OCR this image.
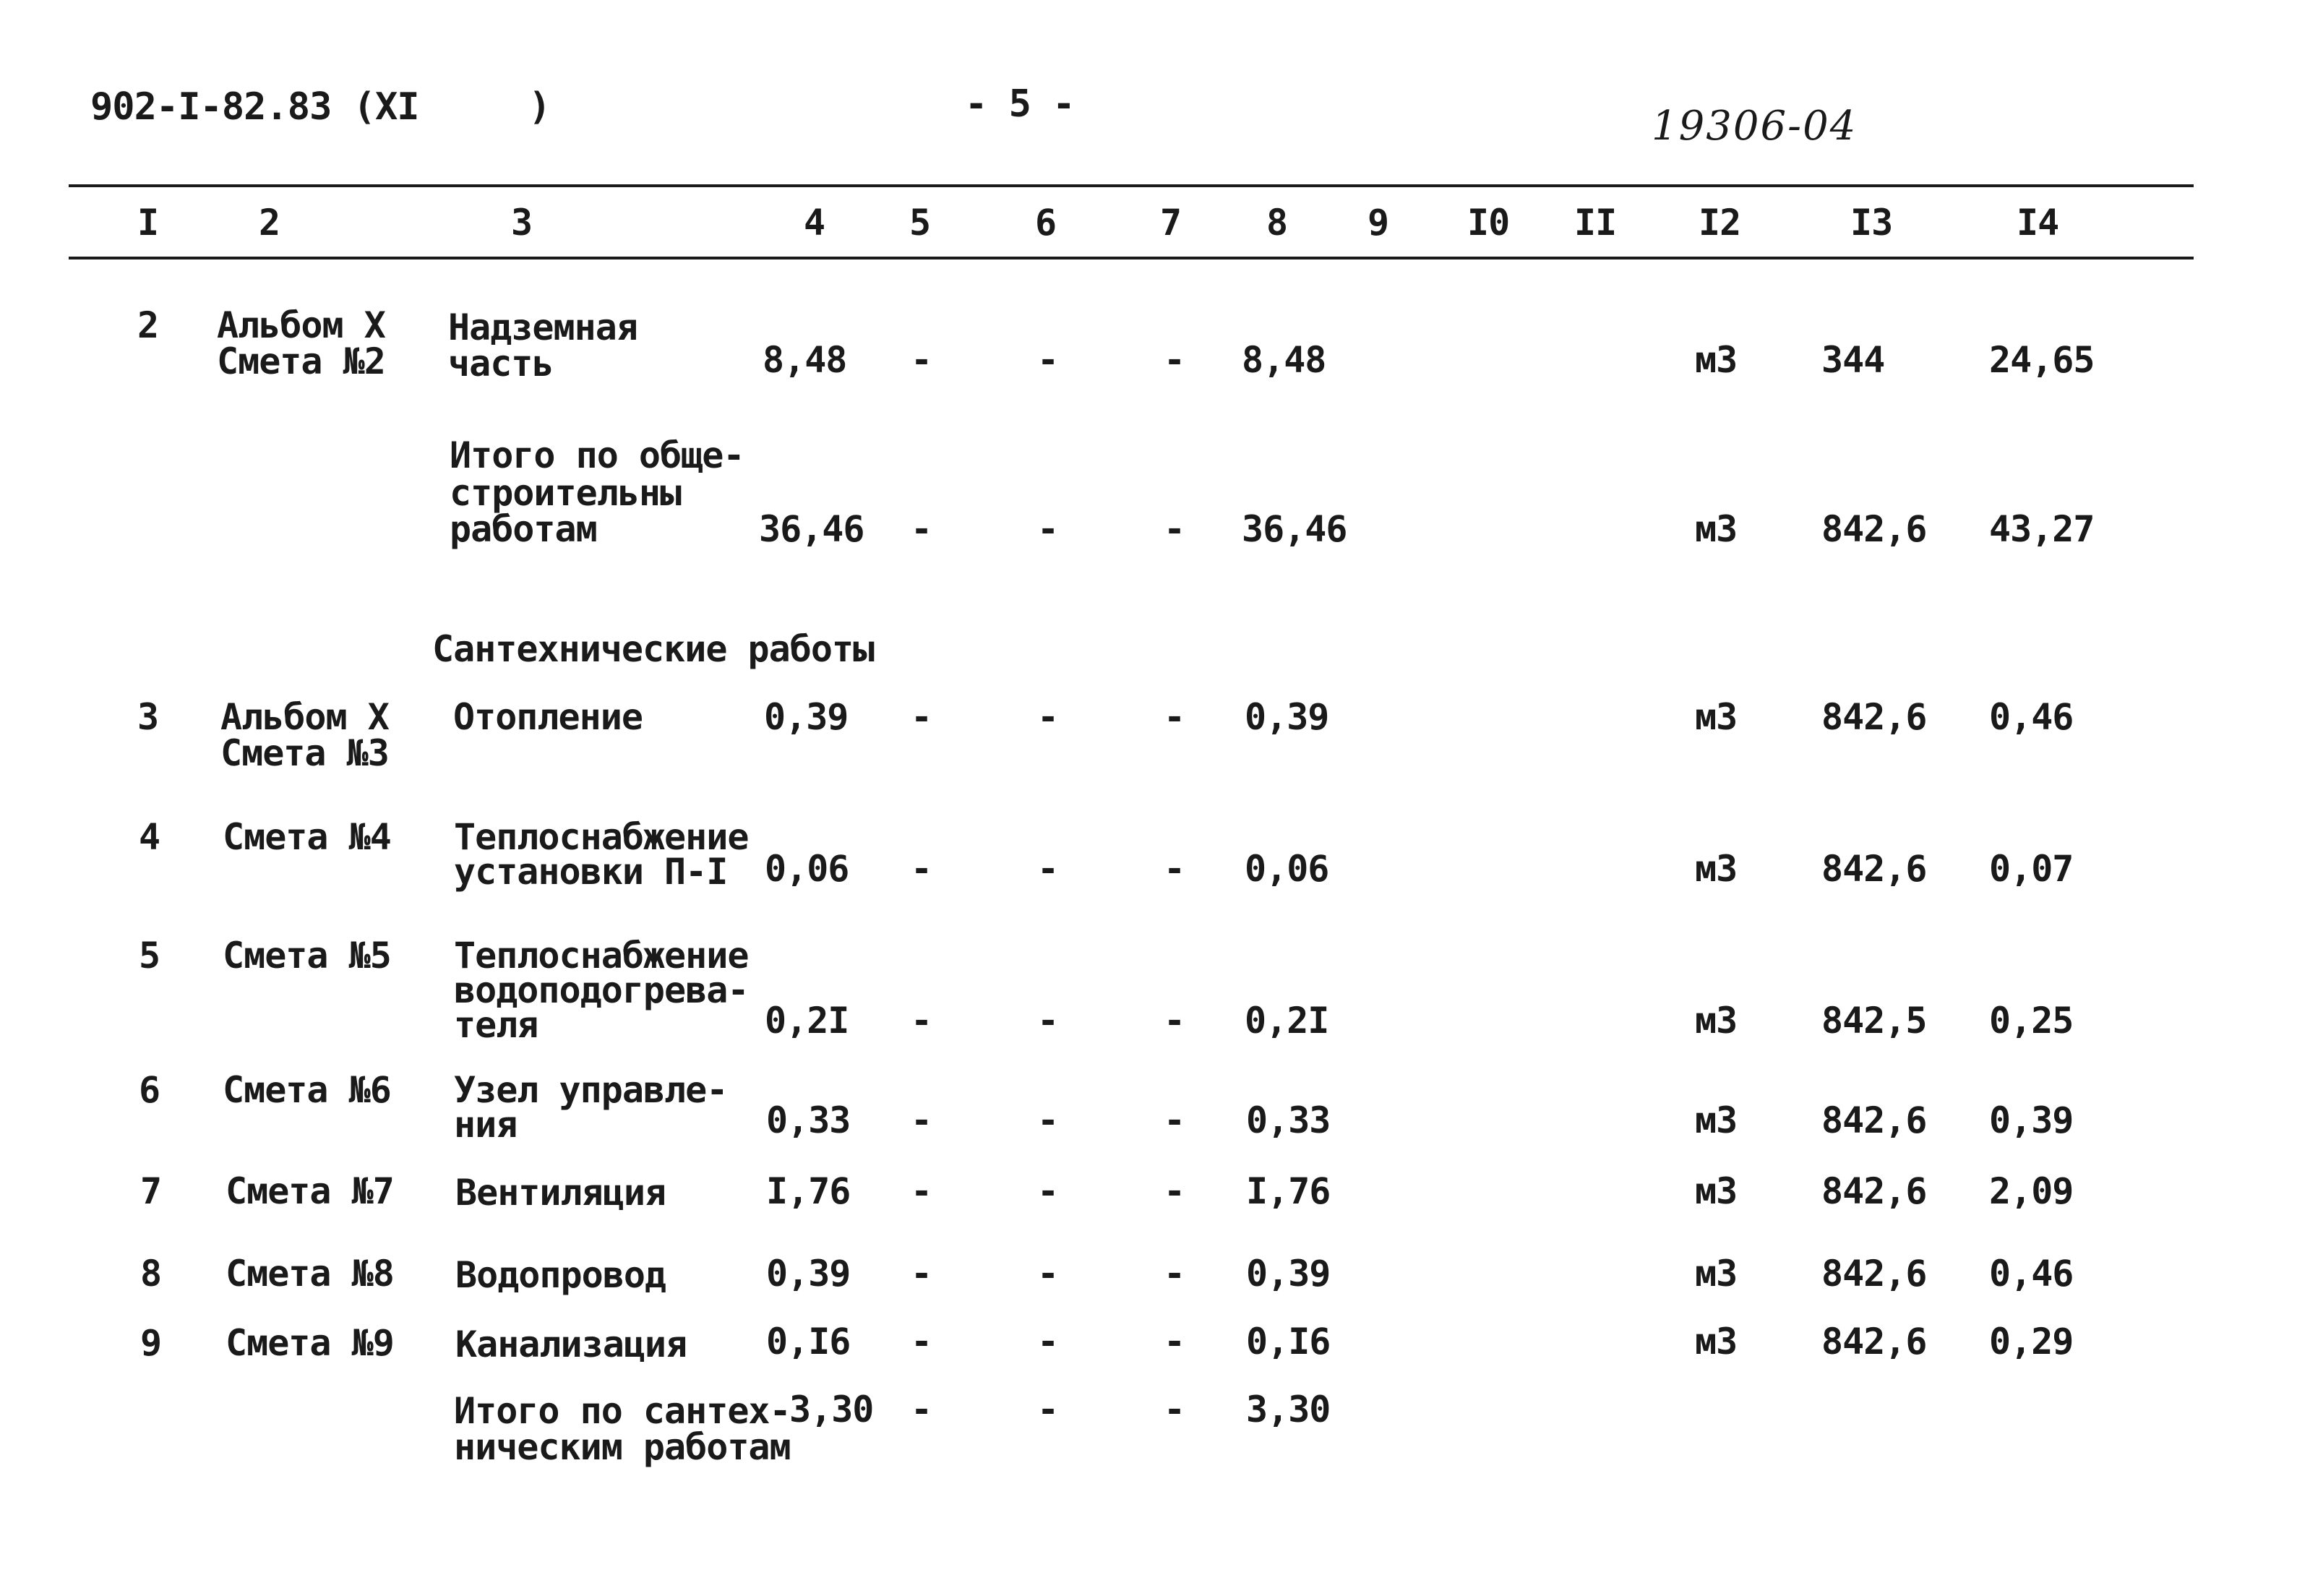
902-I-82.83 (XI     )	- 5 -	19306-04
I	2	3	4 5	6	7 8 9 I0 II I2	I3	I4
2 Альбом X
Смета №2
Надземная
часть	8,48 -	-	- 8,48	м3 344	24,65
Итого по обще-
строительны
работам	36,46 -	-	- 36,46	м3 842,6 43,27
Сантехнические работы
3 Альбом X
Смета №3
Отопление	0,39 -	-	- 0,39	м3 842,6 0,46
4 Смета №4 Теплоснабжение
установки П-I 0,06 -	-	- 0,06	м3 842,6 0,07
5 Смета №5 Теплоснабжение
водоподогрева-
теля	0,2I -	-	- 0,2I	м3 842,5 0,25
6 Смета №6 Узел управле-
ния	0,33 -	-	- 0,33	м3 842,6 0,39
7 Смета №7 Вентиляция	I,76 -	-	- I,76	м3 842,6 2,09
8 Смета №8 Водопровод	0,39 -	-	- 0,39	м3 842,6 0,46
9 Смета №9 Канализация 0,I6 -	-	- 0,I6	м3 842,6 0,29
Итого по сантех-
ническим работам
3,30 -	-	- 3,30
